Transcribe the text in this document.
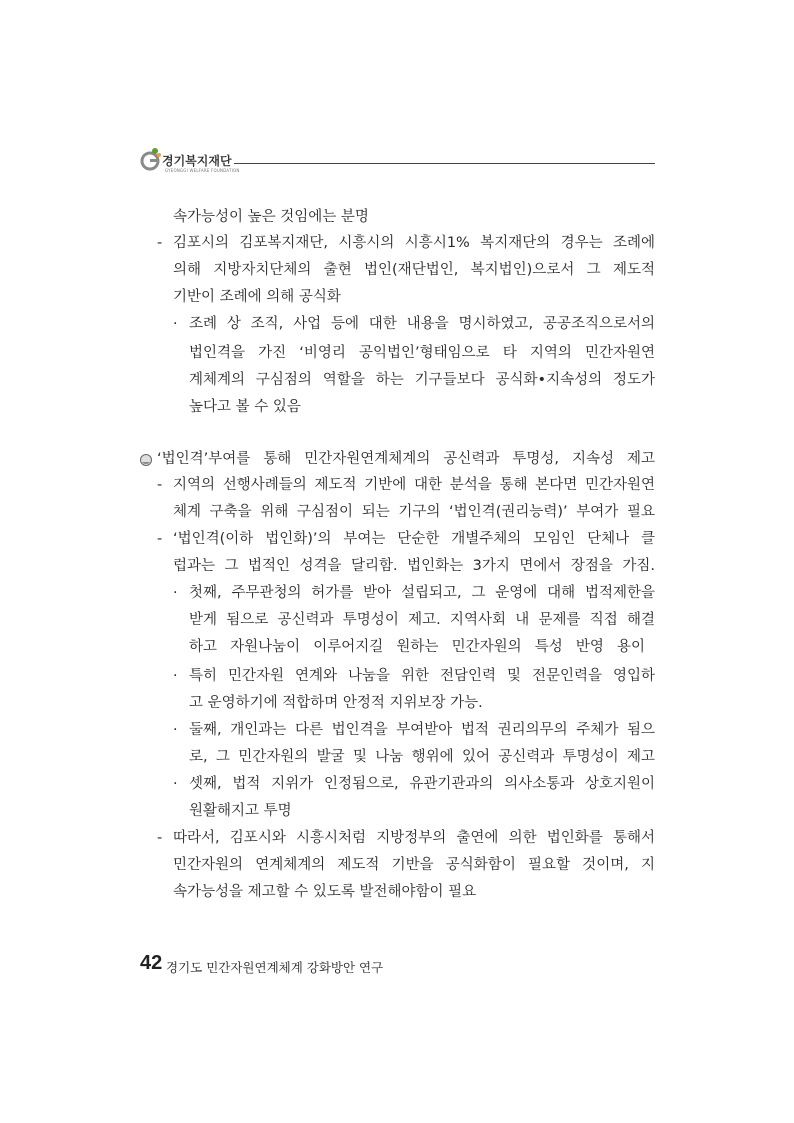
경기복지재단
GYEONGGI WELFARE FOUNDATION
속가능성이 높은 것임에는 분명
- 김포시의 김포복지재단, 시흥시의 시흥시1% 복지재단의 경우는 조례에
의해 지방자치단체의 출현 법인(재단법인, 복지법인)으로서 그 제도적
기반이 조례에 의해 공식화
· 조례 상 조직, 사업 등에 대한 내용을 명시하였고, 공공조직으로서의
법인격을 가진 ‘비영리 공익법인’형태임으로 타 지역의 민간자원연
계체계의 구심점의 역할을 하는 기구들보다 공식화•지속성의 정도가
높다고 볼 수 있음
‘법인격’부여를 통해 민간자원연계체계의 공신력과 투명성, 지속성 제고
- 지역의 선행사례들의 제도적 기반에 대한 분석을 통해 본다면 민간자원연
체계 구축을 위해 구심점이 되는 기구의 ‘법인격(권리능력)’ 부여가 필요
- ‘법인격(이하 법인화)’의 부여는 단순한 개별주체의 모임인 단체나 클
럽과는 그 법적인 성격을 달리함. 법인화는 3가지 면에서 장점을 가짐.
· 첫째, 주무관청의 허가를 받아 설립되고, 그 운영에 대해 법적제한을
받게 됨으로 공신력과 투명성이 제고. 지역사회 내 문제를 직접 해결
하고 자원나눔이 이루어지길 원하는 민간자원의 특성 반영 용이
· 특히 민간자원 연계와 나눔을 위한 전담인력 및 전문인력을 영입하
고 운영하기에 적합하며 안정적 지위보장 가능.
· 둘째, 개인과는 다른 법인격을 부여받아 법적 권리의무의 주체가 됨으
로, 그 민간자원의 발굴 및 나눔 행위에 있어 공신력과 투명성이 제고
· 셋째, 법적 지위가 인정됨으로, 유관기관과의 의사소통과 상호지원이
원활해지고 투명
- 따라서, 김포시와 시흥시처럼 지방정부의 출연에 의한 법인화를 통해서
민간자원의 연계체계의 제도적 기반을 공식화함이 필요할 것이며, 지
속가능성을 제고할 수 있도록 발전해야함이 필요
42 경기도 민간자원연계체계 강화방안 연구
